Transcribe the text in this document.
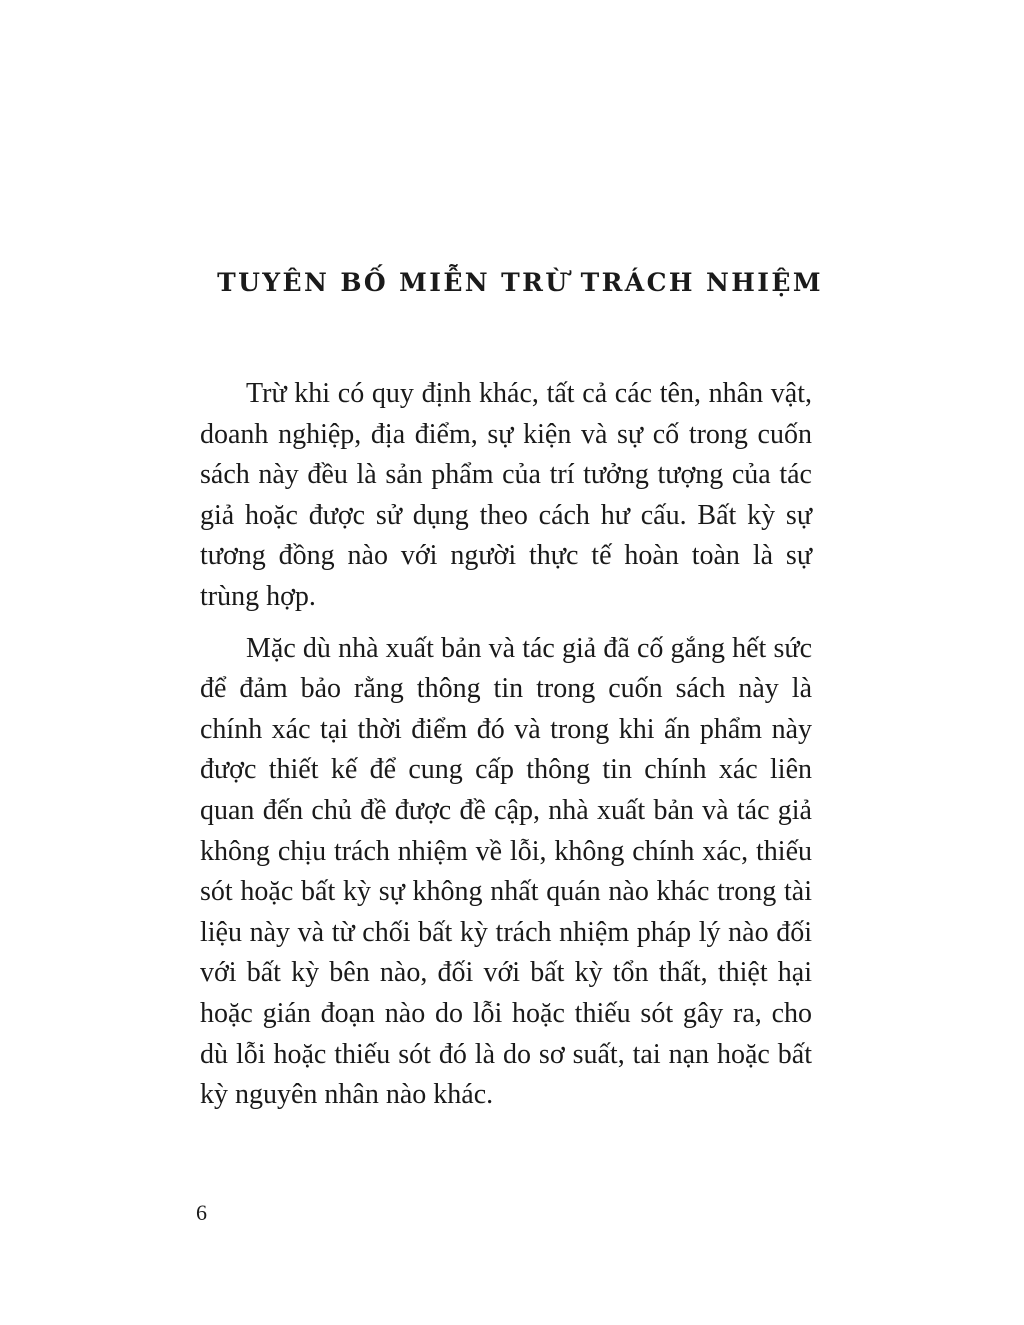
TUYÊN BỐ MIỄN TRỪ TRÁCH NHIỆM

Trừ khi có quy định khác, tất cả các tên, nhân vật, doanh nghiệp, địa điểm, sự kiện và sự cố trong cuốn sách này đều là sản phẩm của trí tưởng tượng của tác giả hoặc được sử dụng theo cách hư cấu. Bất kỳ sự tương đồng nào với người thực tế hoàn toàn là sự trùng hợp.

Mặc dù nhà xuất bản và tác giả đã cố gắng hết sức để đảm bảo rằng thông tin trong cuốn sách này là chính xác tại thời điểm đó và trong khi ấn phẩm này được thiết kế để cung cấp thông tin chính xác liên quan đến chủ đề được đề cập, nhà xuất bản và tác giả không chịu trách nhiệm về lỗi, không chính xác, thiếu sót hoặc bất kỳ sự không nhất quán nào khác trong tài liệu này và từ chối bất kỳ trách nhiệm pháp lý nào đối với bất kỳ bên nào, đối với bất kỳ tổn thất, thiệt hại hoặc gián đoạn nào do lỗi hoặc thiếu sót gây ra, cho dù lỗi hoặc thiếu sót đó là do sơ suất, tai nạn hoặc bất kỳ nguyên nhân nào khác.

6
